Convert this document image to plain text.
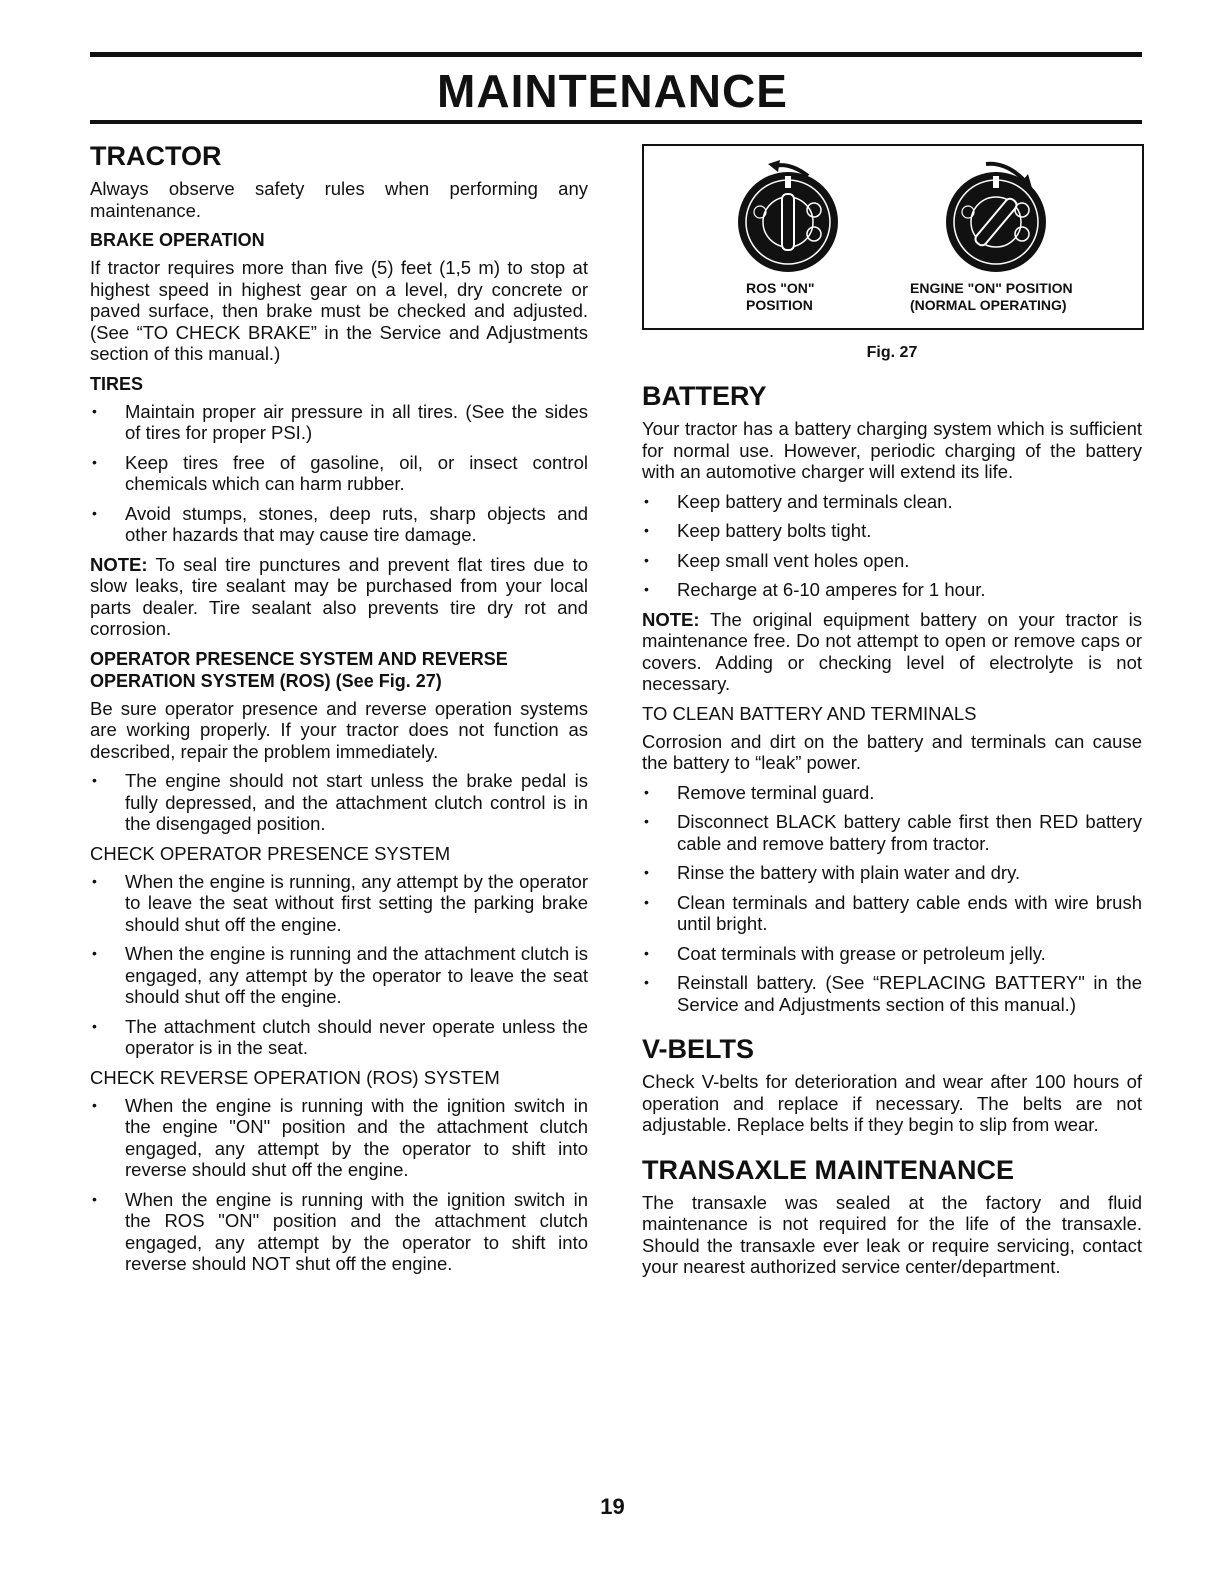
MAINTENANCE
TRACTOR

Always observe safety rules when performing any maintenance.

BRAKE OPERATION

If tractor requires more than five (5) feet (1,5 m) to stop at highest speed in highest gear on a level, dry concrete or paved surface, then brake must be checked and adjusted. (See “TO CHECK BRAKE” in the Service and Adjustments section of this manual.)

TIRES
• Maintain proper air pressure in all tires. (See the sides of tires for proper PSI.)
• Keep tires free of gasoline, oil, or insect control chemicals which can harm rubber.
• Avoid stumps, stones, deep ruts, sharp objects and other hazards that may cause tire damage.

NOTE: To seal tire punctures and prevent flat tires due to slow leaks, tire sealant may be purchased from your local parts dealer. Tire sealant also prevents tire dry rot and corrosion.

OPERATOR PRESENCE SYSTEM AND REVERSE OPERATION SYSTEM (ROS) (See Fig. 27)

Be sure operator presence and reverse operation systems are working properly. If your tractor does not function as described, repair the problem immediately.

• The engine should not start unless the brake pedal is fully depressed, and the attachment clutch control is in the disengaged position.
CHECK OPERATOR PRESENCE SYSTEM
• When the engine is running, any attempt by the operator to leave the seat without first setting the parking brake should shut off the engine.
• When the engine is running and the attachment clutch is engaged, any attempt by the operator to leave the seat should shut off the engine.
• The attachment clutch should never operate unless the operator is in the seat.
CHECK REVERSE OPERATION (ROS) SYSTEM
• When the engine is running with the ignition switch in the engine "ON" position and the attachment clutch engaged, any attempt by the operator to shift into reverse should shut off the engine.
• When the engine is running with the ignition switch in the ROS "ON" position and the attachment clutch engaged, any attempt by the operator to shift into reverse should NOT shut off the engine.
ROS "ON"
POSITION
ENGINE "ON" POSITION
(NORMAL OPERATING)
Fig. 27
BATTERY

Your tractor has a battery charging system which is sufficient for normal use. However, periodic charging of the battery with an automotive charger will extend its life.

• Keep battery and terminals clean.
• Keep battery bolts tight.
• Keep small vent holes open.
• Recharge at 6-10 amperes for 1 hour.

NOTE: The original equipment battery on your tractor is maintenance free. Do not attempt to open or remove caps or covers. Adding or checking level of electrolyte is not necessary.

TO CLEAN BATTERY AND TERMINALS

Corrosion and dirt on the battery and terminals can cause the battery to “leak” power.

• Remove terminal guard.
• Disconnect BLACK battery cable first then RED battery cable and remove battery from tractor.
• Rinse the battery with plain water and dry.
• Clean terminals and battery cable ends with wire brush until bright.
• Coat terminals with grease or petroleum jelly.
• Reinstall battery. (See “REPLACING BATTERY" in the Service and Adjustments section of this manual.)
V-BELTS

Check V-belts for deterioration and wear after 100 hours of operation and replace if necessary. The belts are not adjustable. Replace belts if they begin to slip from wear.

TRANSAXLE MAINTENANCE

The transaxle was sealed at the factory and fluid maintenance is not required for the life of the transaxle. Should the transaxle ever leak or require servicing, contact your nearest authorized service center/department.

19
